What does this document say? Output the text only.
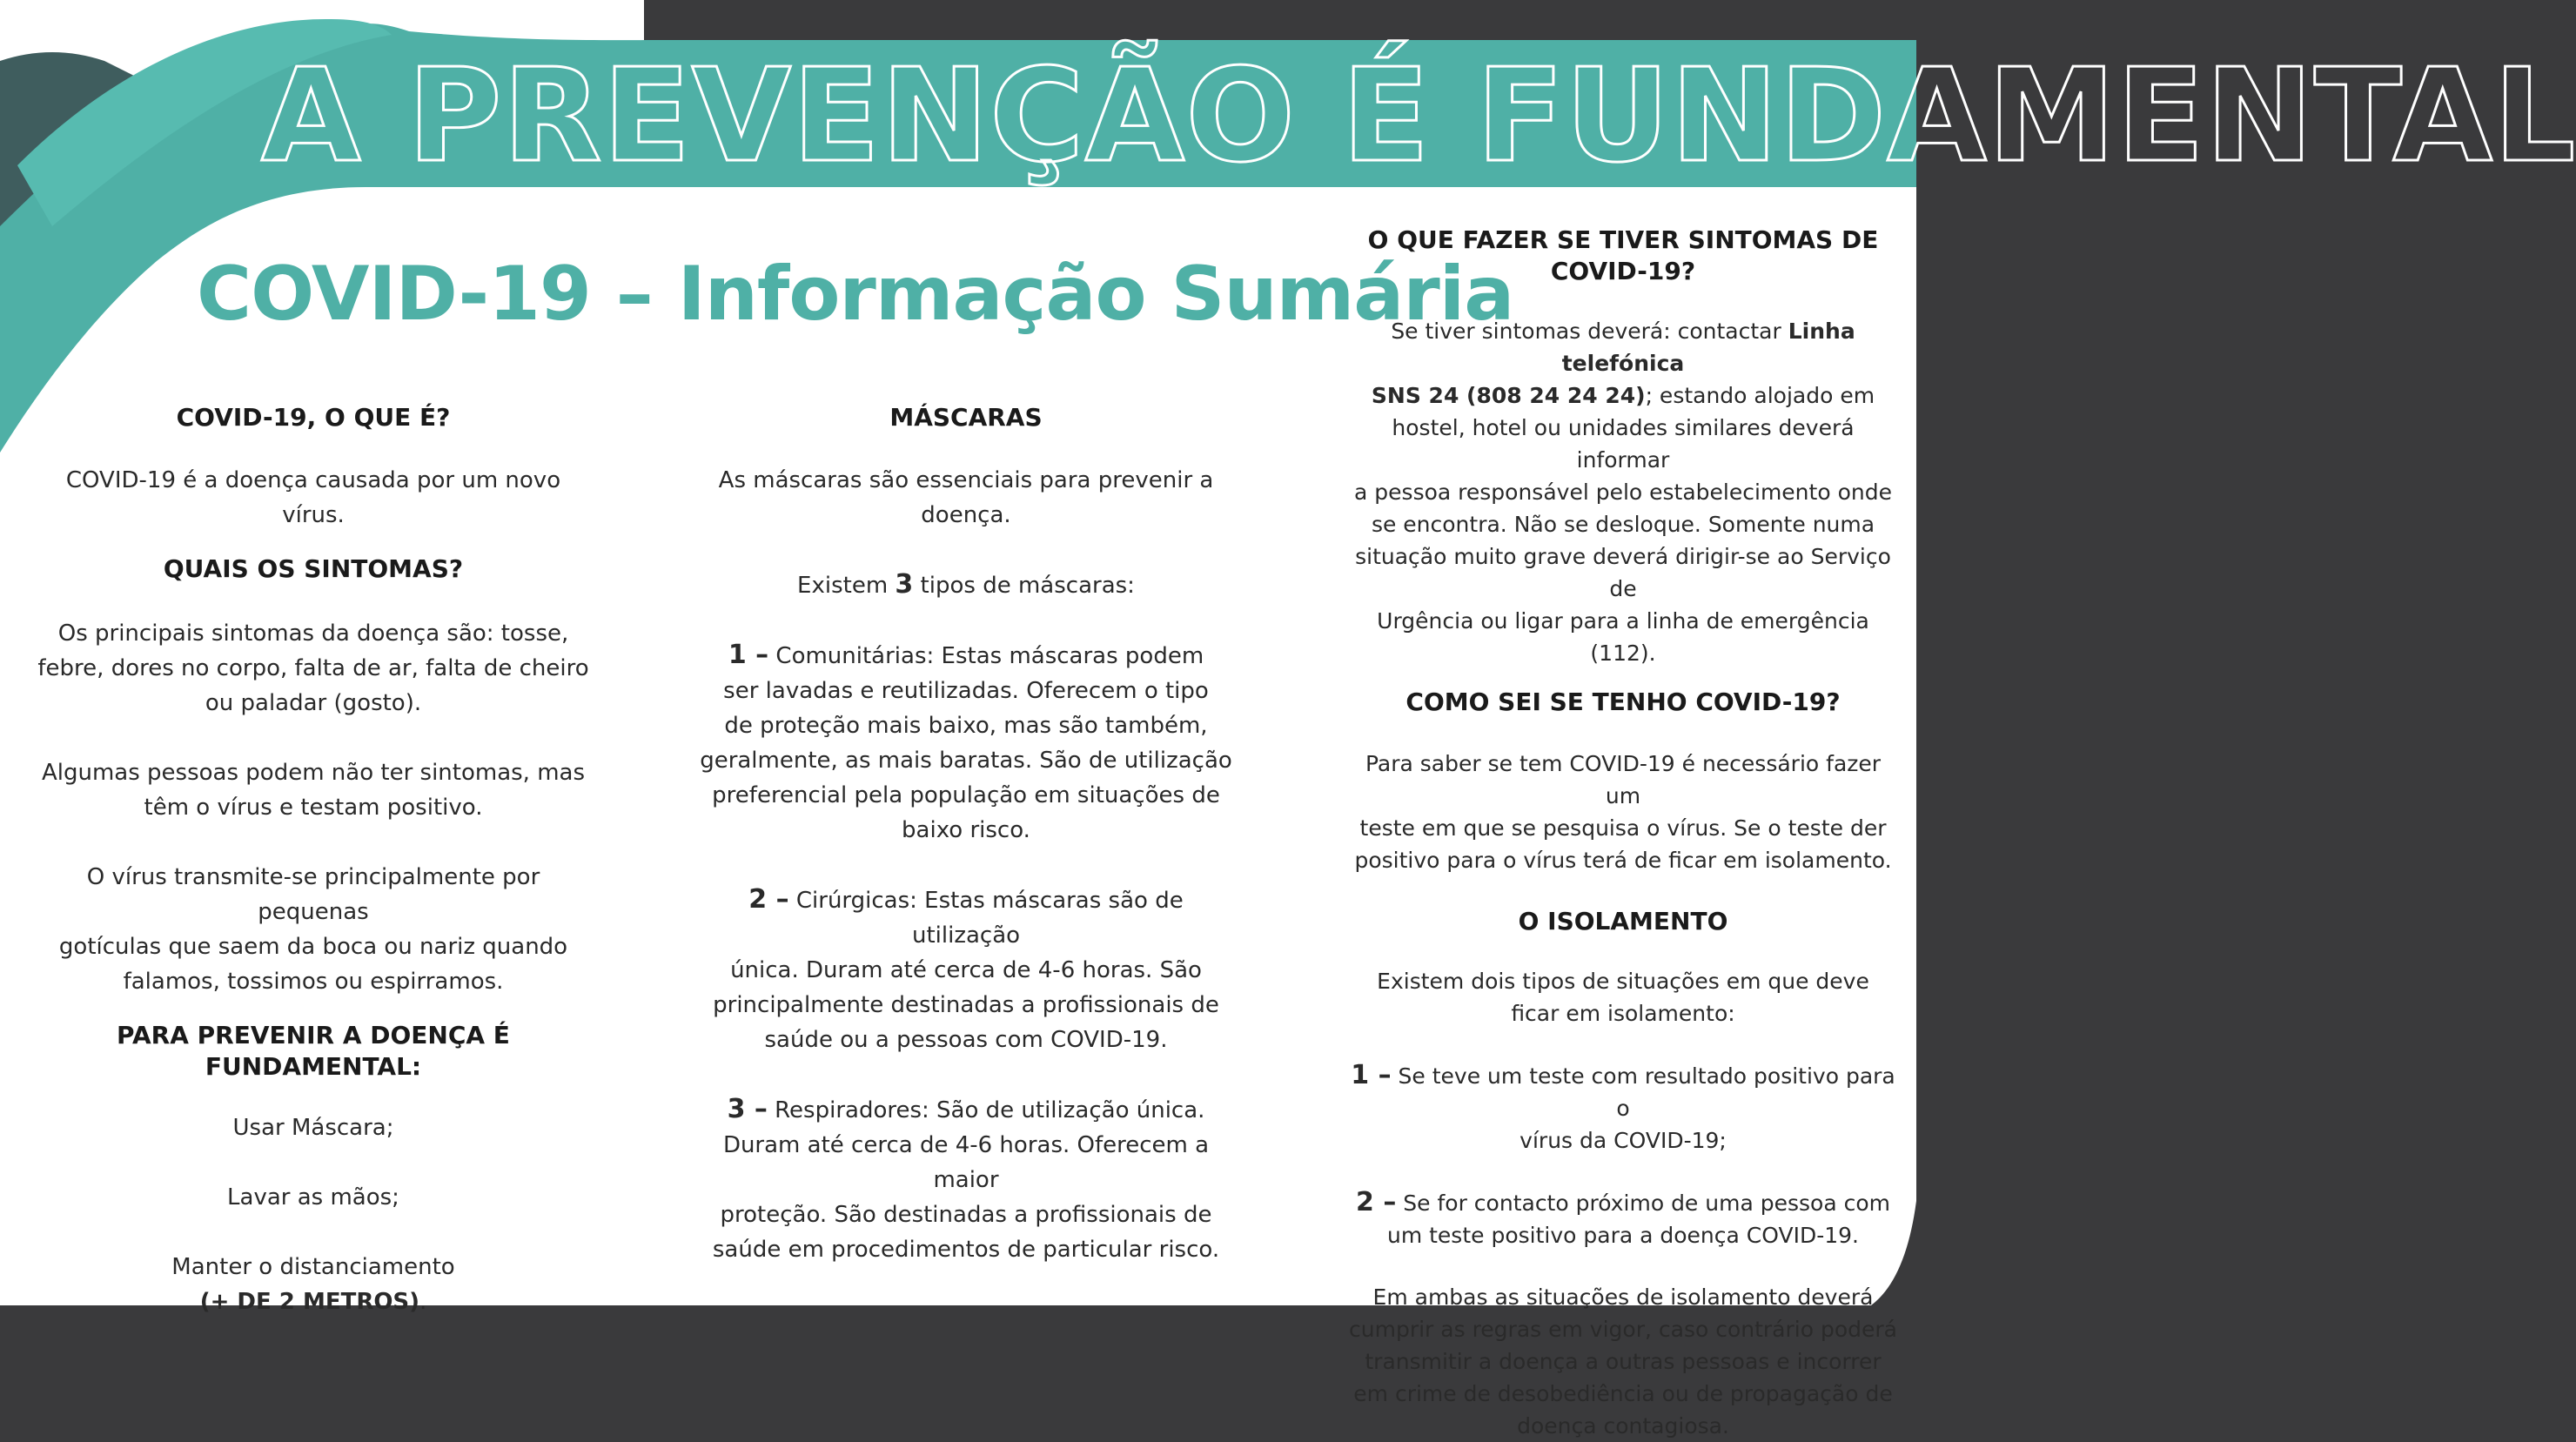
A PREVENÇÃO É FUNDAMENTAL
COVID-19 – Informação Sumária

COVID-19, O QUE É?

COVID-19 é a doença causada por um novo vírus.

QUAIS OS SINTOMAS?

Os principais sintomas da doença são: tosse,

febre, dores no corpo, falta de ar, falta de cheiro

ou paladar (gosto).

Algumas pessoas podem não ter sintomas, mas

têm o vírus e testam positivo.

O vírus transmite-se principalmente por pequenas

gotículas que saem da boca ou nariz quando

falamos, tossimos ou espirramos.

PARA PREVENIR A DOENÇA É FUNDAMENTAL:

Usar Máscara;

Lavar as mãos;

Manter o distanciamento

(+ DE 2 METROS).

MÁSCARAS

As máscaras são essenciais para prevenir a

doença.

Existem 3 tipos de máscaras:

1 – Comunitárias: Estas máscaras podem

ser lavadas e reutilizadas. Oferecem o tipo

de proteção mais baixo, mas são também,

geralmente, as mais baratas. São de utilização

preferencial pela população em situações de

baixo risco.

2 – Cirúrgicas: Estas máscaras são de utilização

única. Duram até cerca de 4-6 horas. São

principalmente destinadas a profissionais de

saúde ou a pessoas com COVID-19.

3 – Respiradores: São de utilização única.

Duram até cerca de 4-6 horas. Oferecem a maior

proteção. São destinadas a profissionais de

saúde em procedimentos de particular risco.

O QUE FAZER SE TIVER SINTOMAS DE

COVID-19?

Se tiver sintomas deverá: contactar Linha telefónica

SNS 24 (808 24 24 24); estando alojado em

hostel, hotel ou unidades similares deverá informar

a pessoa responsável pelo estabelecimento onde

se encontra. Não se desloque. Somente numa

situação muito grave deverá dirigir-se ao Serviço de

Urgência ou ligar para a linha de emergência (112).

COMO SEI SE TENHO COVID-19?

Para saber se tem COVID-19 é necessário fazer um

teste em que se pesquisa o vírus. Se o teste der

positivo para o vírus terá de ficar em isolamento.

O ISOLAMENTO

Existem dois tipos de situações em que deve

ficar em isolamento:

1 – Se teve um teste com resultado positivo para o

vírus da COVID-19;

2 – Se for contacto próximo de uma pessoa com

um teste positivo para a doença COVID-19.

Em ambas as situações de isolamento deverá

cumprir as regras em vigor, caso contrário poderá

transmitir a doença a outras pessoas e incorrer

em crime de desobediência ou de propagação de

doença contagiosa.
